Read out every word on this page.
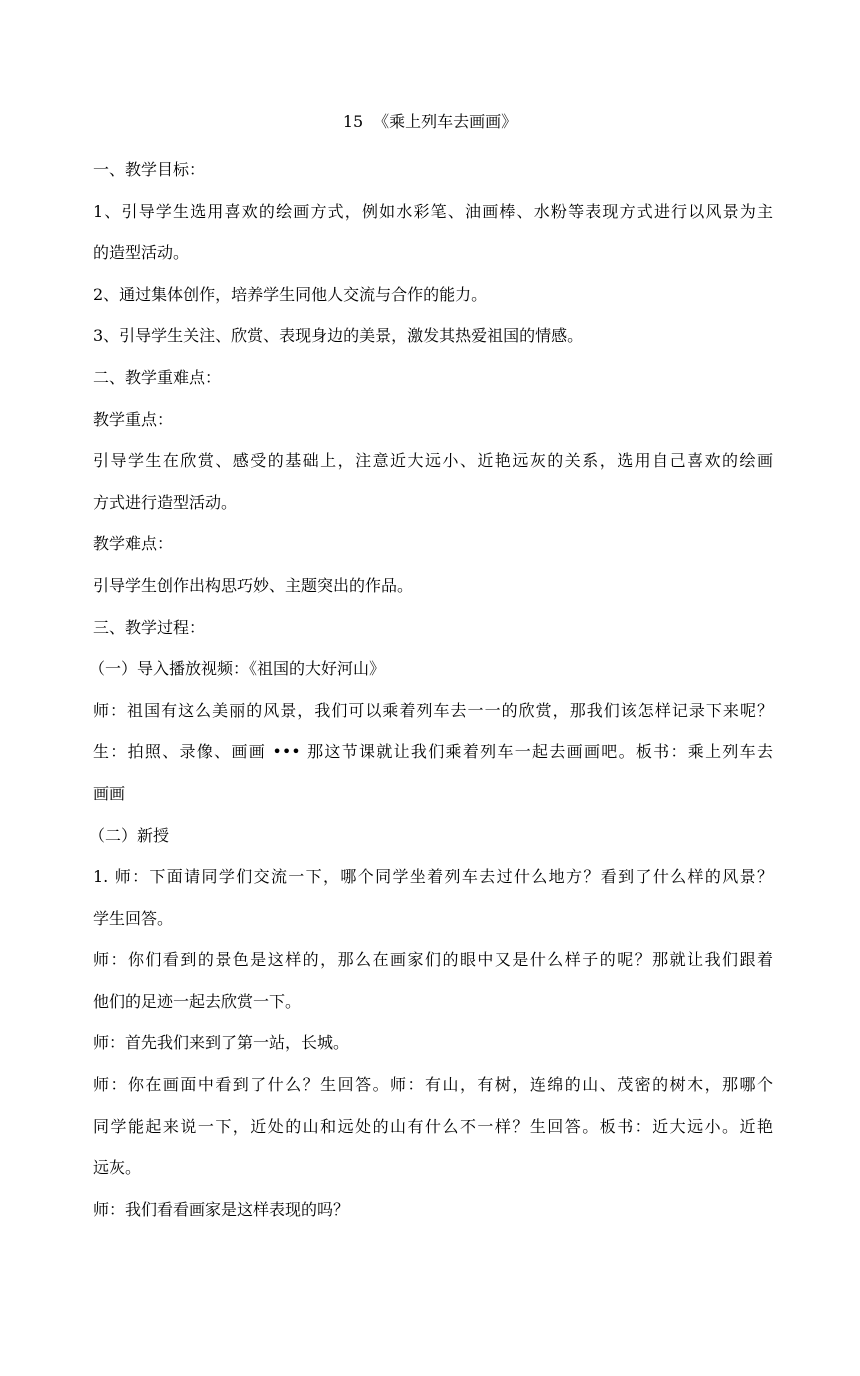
15 《乘上列车去画画》
一、教学目标：
1、引导学生选用喜欢的绘画方式，例如水彩笔、油画棒、水粉等表现方式进行以风景为主
的造型活动。
2、通过集体创作，培养学生同他人交流与合作的能力。
3、引导学生关注、欣赏、表现身边的美景，激发其热爱祖国的情感。
二、教学重难点：
教学重点：
引导学生在欣赏、感受的基础上，注意近大远小、近艳远灰的关系，选用自己喜欢的绘画
方式进行造型活动。
教学难点：
引导学生创作出构思巧妙、主题突出的作品。
三、教学过程：
（一）导入播放视频：《祖国的大好河山》
师：祖国有这么美丽的风景，我们可以乘着列车去一一的欣赏，那我们该怎样记录下来呢？
生：拍照、录像、画画 ••• 那这节课就让我们乘着列车一起去画画吧。板书：乘上列车去
画画
（二）新授
1. 师：下面请同学们交流一下，哪个同学坐着列车去过什么地方？看到了什么样的风景？
学生回答。
师：你们看到的景色是这样的，那么在画家们的眼中又是什么样子的呢？那就让我们跟着
他们的足迹一起去欣赏一下。
师：首先我们来到了第一站，长城。
师：你在画面中看到了什么？生回答。师：有山，有树，连绵的山、茂密的树木，那哪个
同学能起来说一下，近处的山和远处的山有什么不一样？生回答。板书：近大远小。近艳
远灰。
师：我们看看画家是这样表现的吗？
